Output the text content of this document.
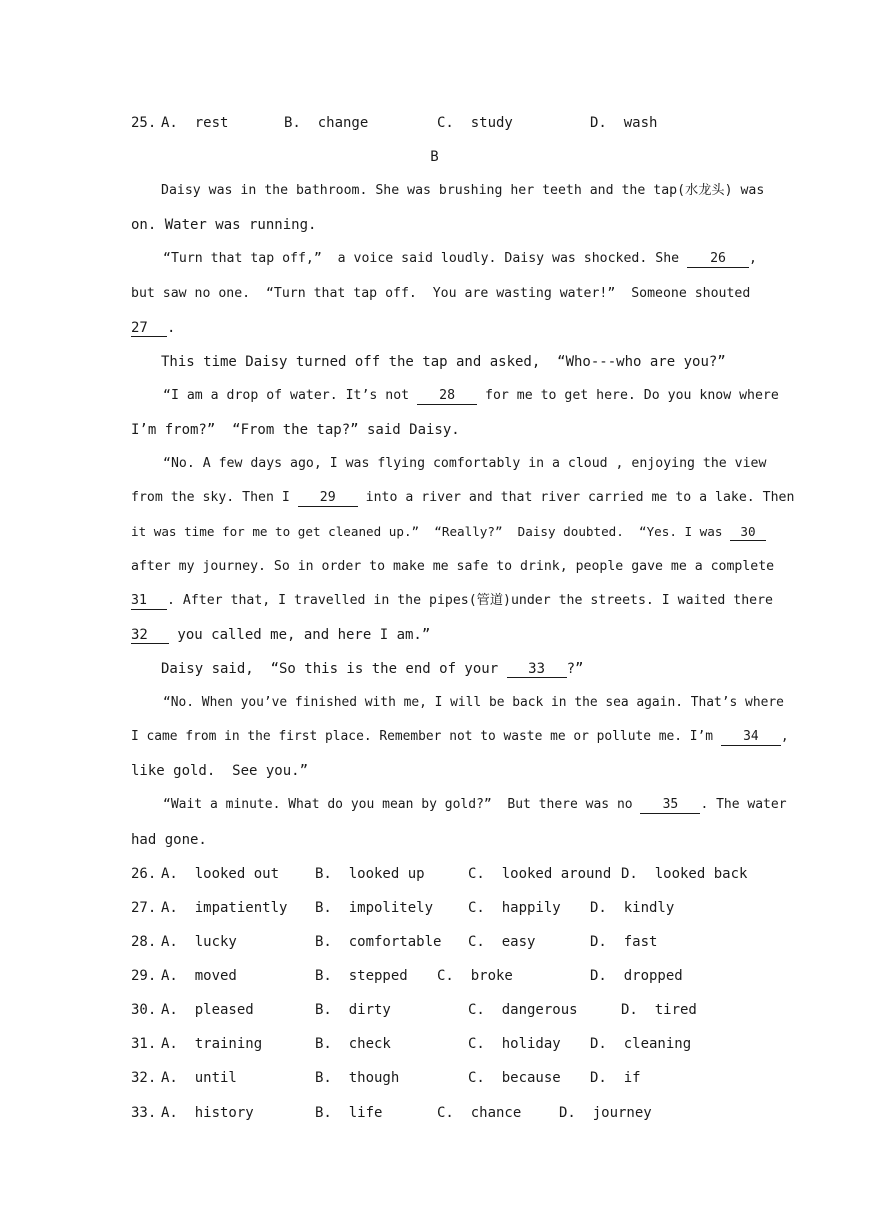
25. A.  rest	B.  change	C.  study	D.  wash
B
Daisy was in the bathroom. She was brushing her teeth and the tap(水龙头) was
on. Water was running.
“Turn that tap off,”  a voice said loudly. Daisy was shocked. She 26 ,
but saw no one.  “Turn that tap off.  You are wasting water!”  Someone shouted
27 .
This time Daisy turned off the tap and asked,  “Who---who are you?”
“I am a drop of water. It’s not 28 for me to get here. Do you know where
I’m from?”  “From the tap?” said Daisy.
“No. A few days ago, I was flying comfortably in a cloud , enjoying the view
from the sky. Then I 29 into a river and that river carried me to a lake. Then
it was time for me to get cleaned up.”  “Really?”  Daisy doubted.  “Yes. I was 30
after my journey. So in order to make me safe to drink, people gave me a complete
31 . After that, I travelled in the pipes(管道)under the streets. I waited there
32 you called me, and here I am.”
Daisy said,  “So this is the end of your 33 ?”
“No. When you’ve finished with me, I will be back in the sea again. That’s where
I came from in the first place. Remember not to waste me or pollute me. I’m 34 ,
like gold.  See you.”
“Wait a minute. What do you mean by gold?”  But there was no 35 . The water
had gone.
26. A.  looked out	B.  looked up	C.  looked around D.  looked back
27. A.  impatiently B.  impolitely C.  happily D.  kindly
28. A.  lucky	B.  comfortable C.  easy	D.  fast
29. A.  moved	B.  stepped C.  broke	D.  dropped
30. A.  pleased	B.  dirty	C.  dangerous	D.  tired
31. A.  training	B.  check	C.  holiday D.  cleaning
32. A.  until	B.  though	C.  because D.  if
33. A.  history	B.  life	C.  chance	D.  journey
